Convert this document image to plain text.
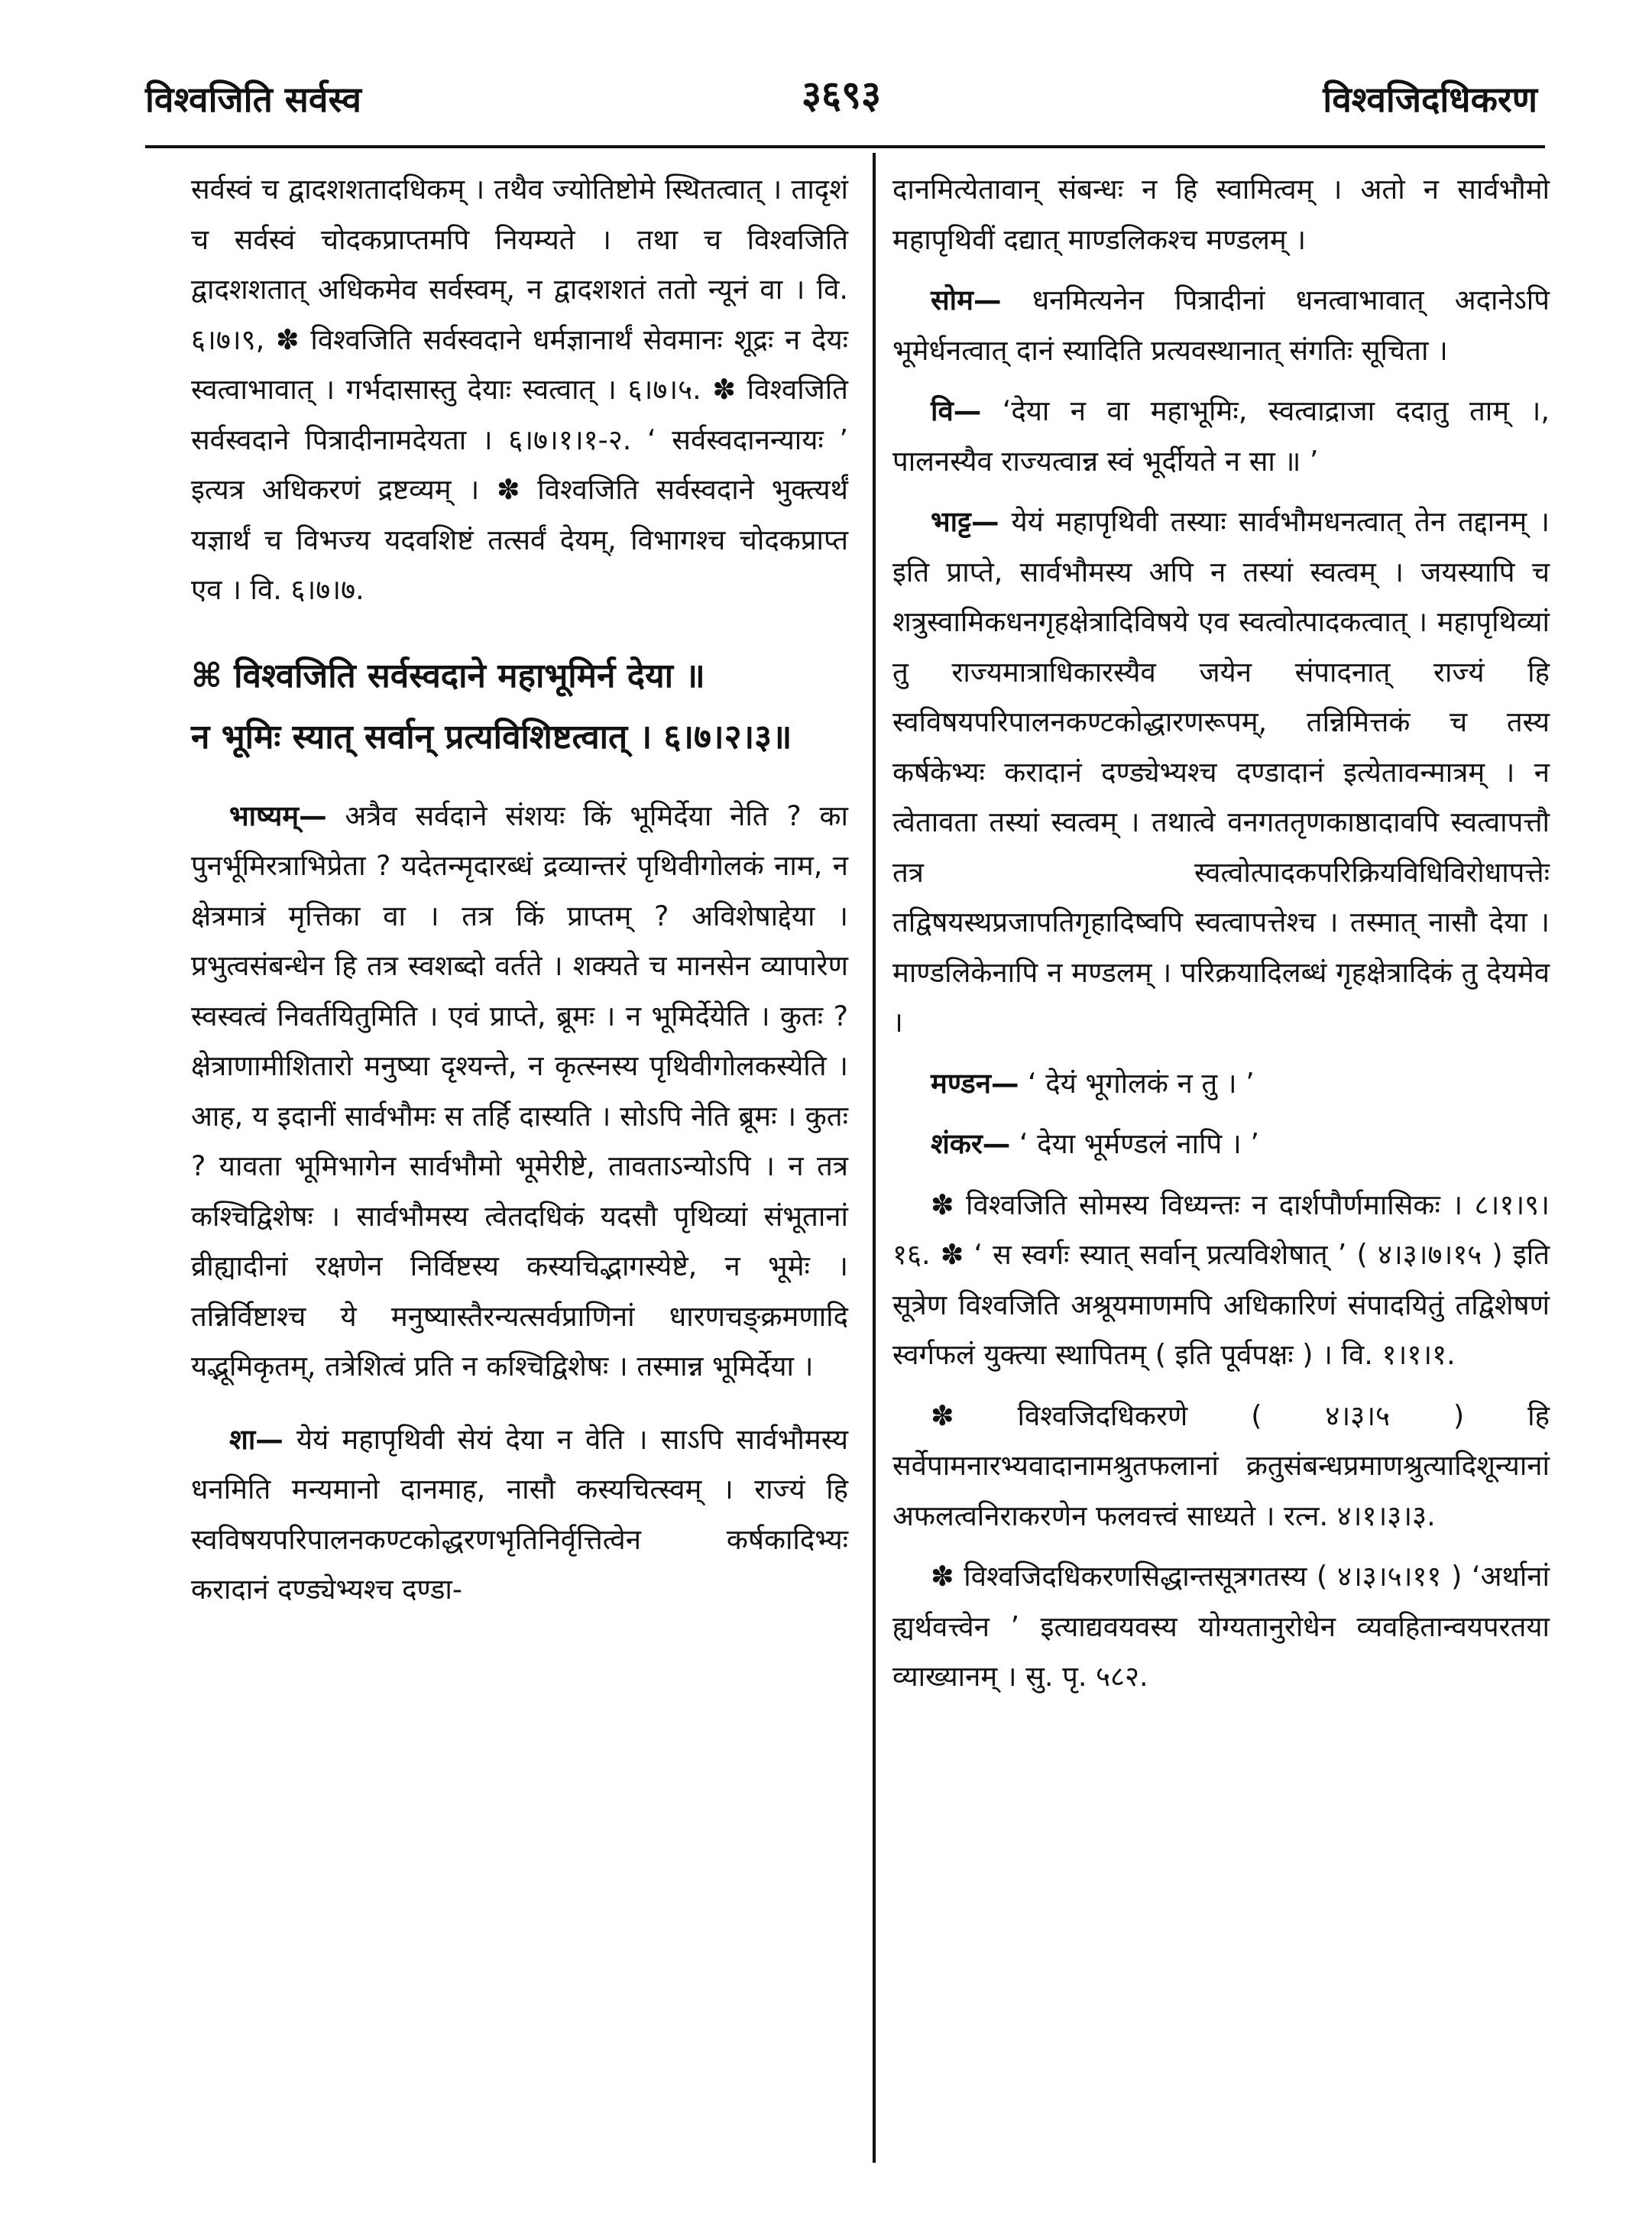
विश्वजिति सर्वस्व	३६९३	विश्वजिदधिकरण

सर्वस्वं च द्वादशशतादधिकम् । तथैव ज्योतिष्टोमे स्थितत्वात् । तादृशं च सर्वस्वं चोदकप्राप्तमपि नियम्यते । तथा च विश्वजिति द्वादशशतात् अधिकमेव सर्वस्वम्, न द्वादशशतं ततो न्यूनं वा । वि. ६।७।९, ✽ विश्वजिति सर्वस्वदाने धर्मज्ञानार्थं सेवमानः शूद्रः न देयः स्वत्वाभावात् । गर्भदासास्तु देयाः स्वत्वात् । ६।७।५. ✽ विश्वजिति सर्वस्वदाने पित्रादीनामदेयता । ६।७।१।१-२. ‘ सर्वस्वदानन्यायः ’ इत्यत्र अधिकरणं द्रष्टव्यम् । ✽ विश्वजिति सर्वस्वदाने भुक्त्यर्थं यज्ञार्थं च विभज्य यदवशिष्टं तत्सर्वं देयम्, विभागश्च चोदकप्राप्त एव । वि. ६।७।७.

⌘ विश्वजिति सर्वस्वदाने महाभूमिर्न देया ॥
न भूमिः स्यात् सर्वान् प्रत्यविशिष्टत्वात् । ६।७।२।३॥

भाष्यम्— अत्रैव सर्वदाने संशयः किं भूमिर्देया नेति ? का पुनर्भूमिरत्राभिप्रेता ? यदेतन्मृदारब्धं द्रव्यान्तरं पृथिवीगोलकं नाम, न क्षेत्रमात्रं मृत्तिका वा । तत्र किं प्राप्तम् ? अविशेषाद्देया । प्रभुत्वसंबन्धेन हि तत्र स्वशब्दो वर्तते । शक्यते च मानसेन व्यापारेण स्वस्वत्वं निवर्तयितुमिति । एवं प्राप्ते, ब्रूमः । न भूमिर्देयेति । कुतः ? क्षेत्राणामीशितारो मनुष्या दृश्यन्ते, न कृत्स्नस्य पृथिवीगोलकस्येति । आह, य इदानीं सार्वभौमः स तर्हि दास्यति । सोऽपि नेति ब्रूमः । कुतः ? यावता भूमिभागेन सार्वभौमो भूमेरीष्टे, तावताऽन्योऽपि । न तत्र कश्चिद्विशेषः । सार्वभौमस्य त्वेतदधिकं यदसौ पृथिव्यां संभूतानां व्रीह्यादीनां रक्षणेन निर्विष्टस्य कस्यचिद्भागस्येष्टे, न भूमेः । तन्निर्विष्टाश्च ये मनुष्यास्तैरन्यत्सर्वप्राणिनां धारणचङ्क्रमणादि यद्भूमिकृतम्, तत्रेशित्वं प्रति न कश्चिद्विशेषः । तस्मान्न भूमिर्देया ।

शा— येयं महापृथिवी सेयं देया न वेति । साऽपि सार्वभौमस्य धनमिति मन्यमानो दानमाह, नासौ कस्यचित्स्वम् । राज्यं हि स्वविषयपरिपालनकण्टकोद्धरणभृतिनिर्वृत्तित्वेन कर्षकादिभ्यः करादानं दण्ड्येभ्यश्च दण्डा-

दानमित्येतावान् संबन्धः न हि स्वामित्वम् । अतो न सार्वभौमो महापृथिवीं दद्यात् माण्डलिकश्च मण्डलम् ।

सोम— धनमित्यनेन पित्रादीनां धनत्वाभावात् अदानेऽपि भूमेर्धनत्वात् दानं स्यादिति प्रत्यवस्थानात् संगतिः सूचिता ।

वि— ‘देया न वा महाभूमिः, स्वत्वाद्राजा ददातु ताम् ।, पालनस्यैव राज्यत्वान्न स्वं भूर्दीयते न सा ॥ ’

भाट्ट— येयं महापृथिवी तस्याः सार्वभौमधनत्वात् तेन तद्दानम् । इति प्राप्ते, सार्वभौमस्य अपि न तस्यां स्वत्वम् । जयस्यापि च शत्रुस्वामिकधनगृहक्षेत्रादिविषये एव स्वत्वोत्पादकत्वात् । महापृथिव्यां तु राज्यमात्राधिकारस्यैव जयेन संपादनात् राज्यं हि स्वविषयपरिपालनकण्टकोद्धारणरूपम्, तन्निमित्तकं च तस्य कर्षकेभ्यः करादानं दण्ड्येभ्यश्च दण्डादानं इत्येतावन्मात्रम् । न त्वेतावता तस्यां स्वत्वम् । तथात्वे वनगततृणकाष्ठादावपि स्वत्वापत्तौ तत्र स्वत्वोत्पादकपरिक्रियविधिविरोधापत्तेः तद्विषयस्थप्रजापतिगृहादिष्वपि स्वत्वापत्तेश्च । तस्मात् नासौ देया । माण्डलिकेनापि न मण्डलम् । परिक्रयादिलब्धं गृहक्षेत्रादिकं तु देयमेव ।

मण्डन— ‘ देयं भूगोलकं न तु । ’

शंकर— ‘ देया भूर्मण्डलं नापि । ’

✽ विश्वजिति सोमस्य विध्यन्तः न दार्शपौर्णमासिकः । ८।१।९।१६. ✽ ‘ स स्वर्गः स्यात् सर्वान् प्रत्यविशेषात् ’ ( ४।३।७।१५ ) इति सूत्रेण विश्वजिति अश्रूयमाणमपि अधिकारिणं संपादयितुं तद्विशेषणं स्वर्गफलं युक्त्या स्थापितम् ( इति पूर्वपक्षः ) । वि. १।१।१.

✽ विश्वजिदधिकरणे ( ४।३।५ ) हि सर्वेपामनारभ्यवादानामश्रुतफलानां क्रतुसंबन्धप्रमाणश्रुत्यादिशून्यानां अफलत्वनिराकरणेन फलवत्त्वं साध्यते । रत्न. ४।१।३।३.

✽ विश्वजिदधिकरणसिद्धान्तसूत्रगतस्य ( ४।३।५।११ ) ‘अर्थानां ह्यर्थवत्त्वेन ’ इत्याद्यवयवस्य योग्यतानुरोधेन व्यवहितान्वयपरतया व्याख्यानम् । सु. पृ. ५८२.
